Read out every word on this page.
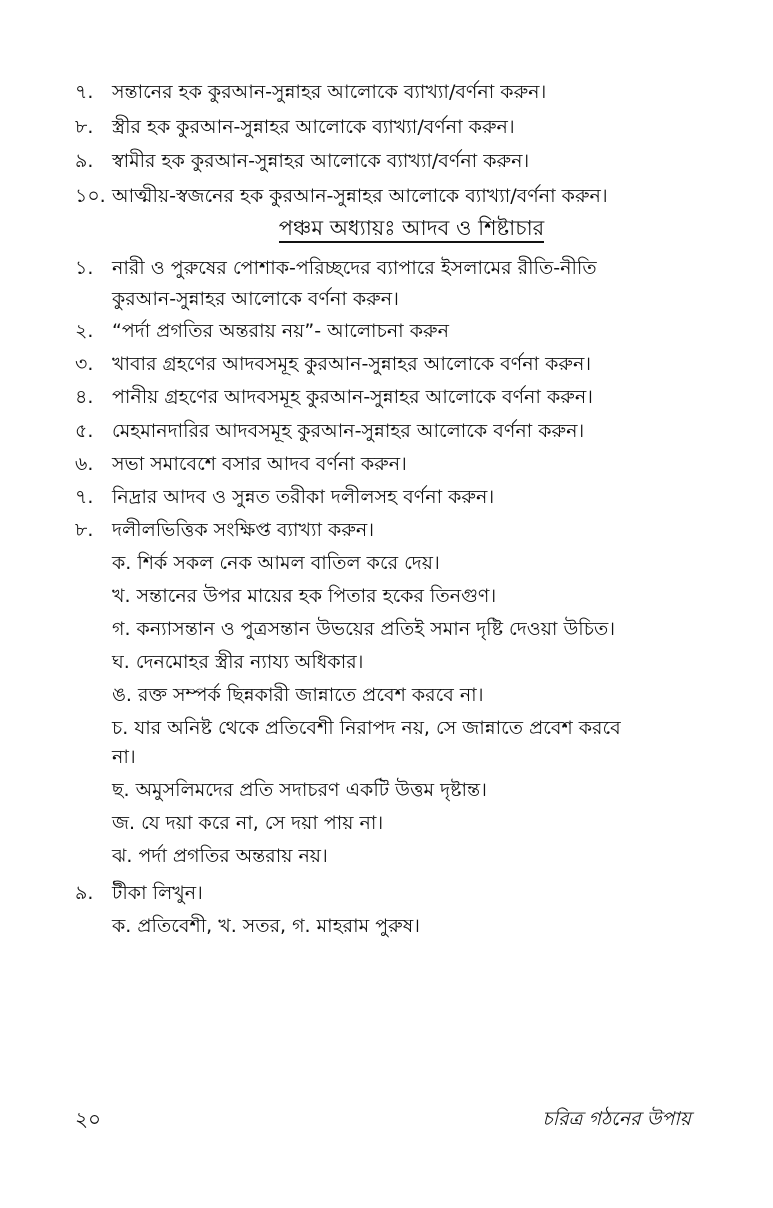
৭. সন্তানের হক কুরআন-সুন্নাহর আলোকে ব্যাখ্যা/বর্ণনা করুন।
৮. স্ত্রীর হক কুরআন-সুন্নাহর আলোকে ব্যাখ্যা/বর্ণনা করুন।
৯. স্বামীর হক কুরআন-সুন্নাহর আলোকে ব্যাখ্যা/বর্ণনা করুন।
১০. আত্মীয়-স্বজনের হক কুরআন-সুন্নাহর আলোকে ব্যাখ্যা/বর্ণনা করুন।
পঞ্চম অধ্যায়ঃ আদব ও শিষ্টাচার
১. নারী ও পুরুষের পোশাক-পরিচ্ছদের ব্যাপারে ইসলামের রীতি-নীতি
কুরআন-সুন্নাহর আলোকে বর্ণনা করুন।
২. “পর্দা প্রগতির অন্তরায় নয়”- আলোচনা করুন
৩. খাবার গ্রহণের আদবসমূহ কুরআন-সুন্নাহর আলোকে বর্ণনা করুন।
৪. পানীয় গ্রহণের আদবসমূহ কুরআন-সুন্নাহর আলোকে বর্ণনা করুন।
৫. মেহমানদারির আদবসমূহ কুরআন-সুন্নাহর আলোকে বর্ণনা করুন।
৬. সভা সমাবেশে বসার আদব বর্ণনা করুন।
৭. নিদ্রার আদব ও সুন্নত তরীকা দলীলসহ বর্ণনা করুন।
৮. দলীলভিত্তিক সংক্ষিপ্ত ব্যাখ্যা করুন।
ক. শির্ক সকল নেক আমল বাতিল করে দেয়।
খ. সন্তানের উপর মায়ের হক পিতার হকের তিনগুণ।
গ. কন্যাসন্তান ও পুত্রসন্তান উভয়ের প্রতিই সমান দৃষ্টি দেওয়া উচিত।
ঘ. দেনমোহর স্ত্রীর ন্যায্য অধিকার।
ঙ. রক্ত সম্পর্ক ছিন্নকারী জান্নাতে প্রবেশ করবে না।
চ. যার অনিষ্ট থেকে প্রতিবেশী নিরাপদ নয়, সে জান্নাতে প্রবেশ করবে
না।
ছ. অমুসলিমদের প্রতি সদাচরণ একটি উত্তম দৃষ্টান্ত।
জ. যে দয়া করে না, সে দয়া পায় না।
ঝ. পর্দা প্রগতির অন্তরায় নয়।
৯. টীকা লিখুন।
ক. প্রতিবেশী, খ. সতর, গ. মাহরাম পুরুষ।
২০	চরিত্র গঠনের উপায়
